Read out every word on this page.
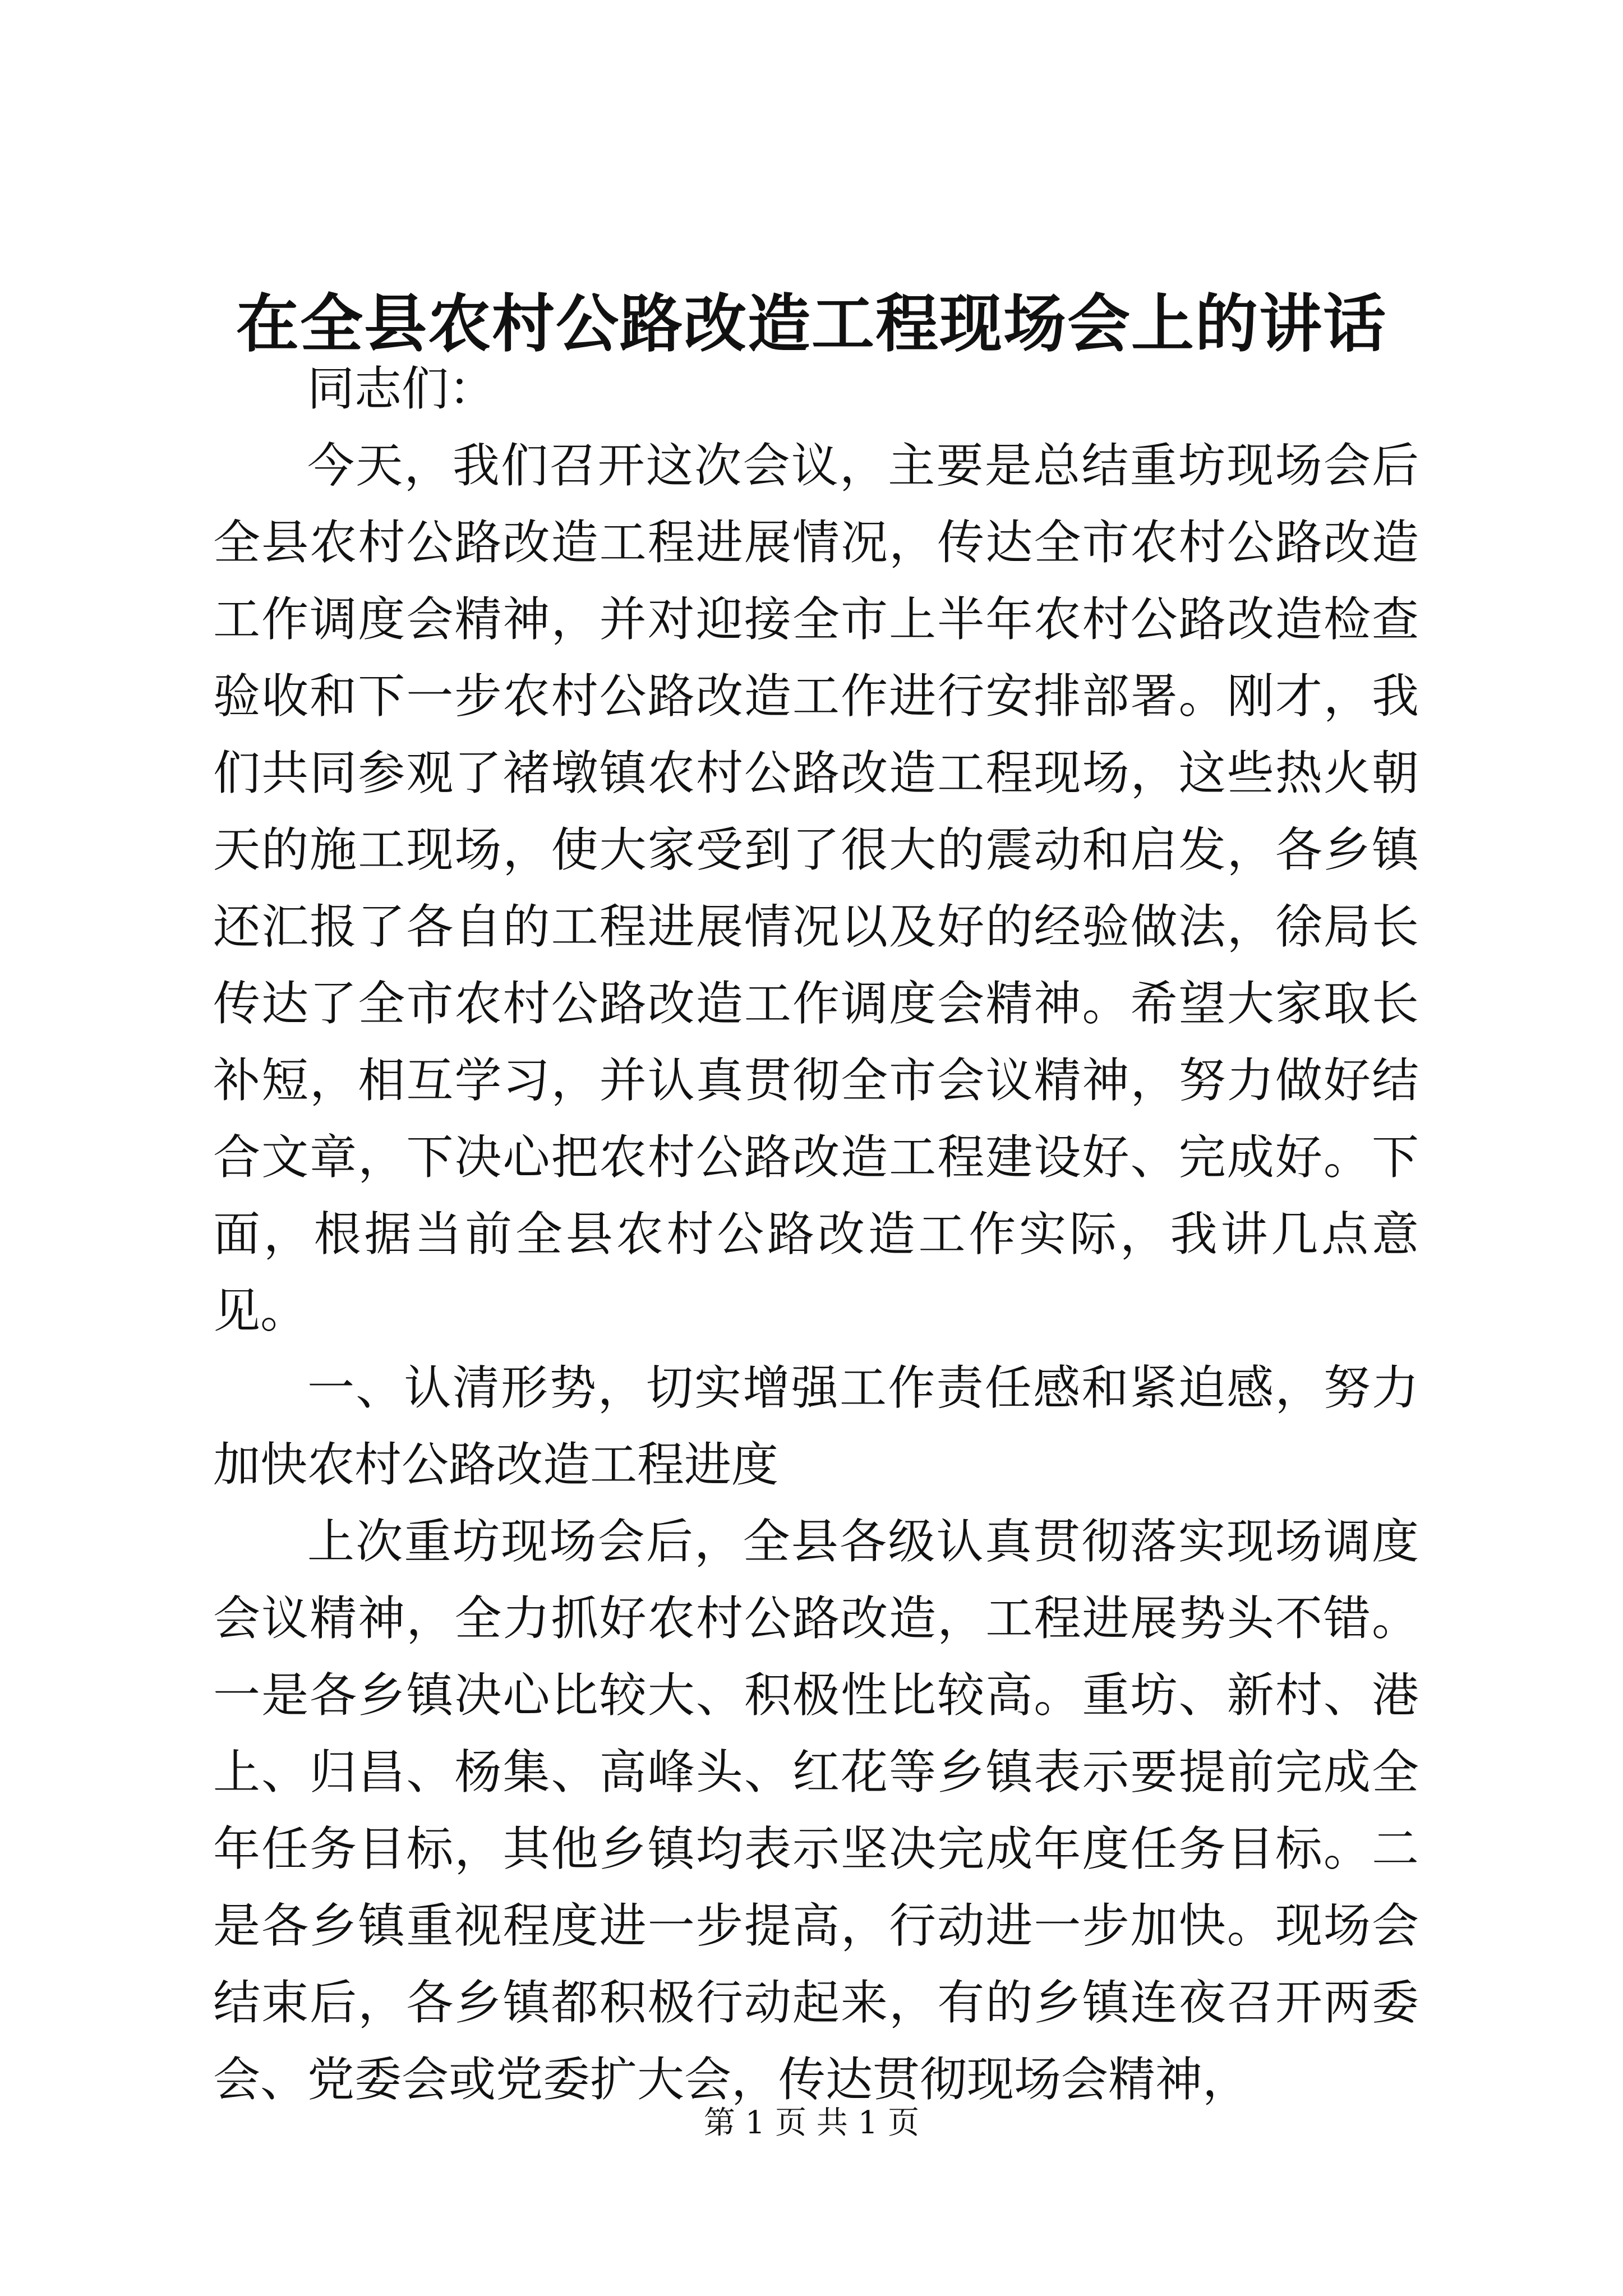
在全县农村公路改造工程现场会上的讲话

同志们：

今天，我们召开这次会议，主要是总结重坊现场会后全县农村公路改造工程进展情况，传达全市农村公路改造工作调度会精神，并对迎接全市上半年农村公路改造检查验收和下一步农村公路改造工作进行安排部署。刚才，我们共同参观了褚墩镇农村公路改造工程现场，这些热火朝天的施工现场，使大家受到了很大的震动和启发，各乡镇还汇报了各自的工程进展情况以及好的经验做法，徐局长传达了全市农村公路改造工作调度会精神。希望大家取长补短，相互学习，并认真贯彻全市会议精神，努力做好结合文章，下决心把农村公路改造工程建设好、完成好。下面，根据当前全县农村公路改造工作实际，我讲几点意见。

一、认清形势，切实增强工作责任感和紧迫感，努力加快农村公路改造工程进度

上次重坊现场会后，全县各级认真贯彻落实现场调度会议精神，全力抓好农村公路改造，工程进展势头不错。一是各乡镇决心比较大、积极性比较高。重坊、新村、港上、归昌、杨集、高峰头、红花等乡镇表示要提前完成全年任务目标，其他乡镇均表示坚决完成年度任务目标。二是各乡镇重视程度进一步提高，行动进一步加快。现场会结束后，各乡镇都积极行动起来，有的乡镇连夜召开两委会、党委会或党委扩大会，传达贯彻现场会精神，

第 1 页 共 1 页
